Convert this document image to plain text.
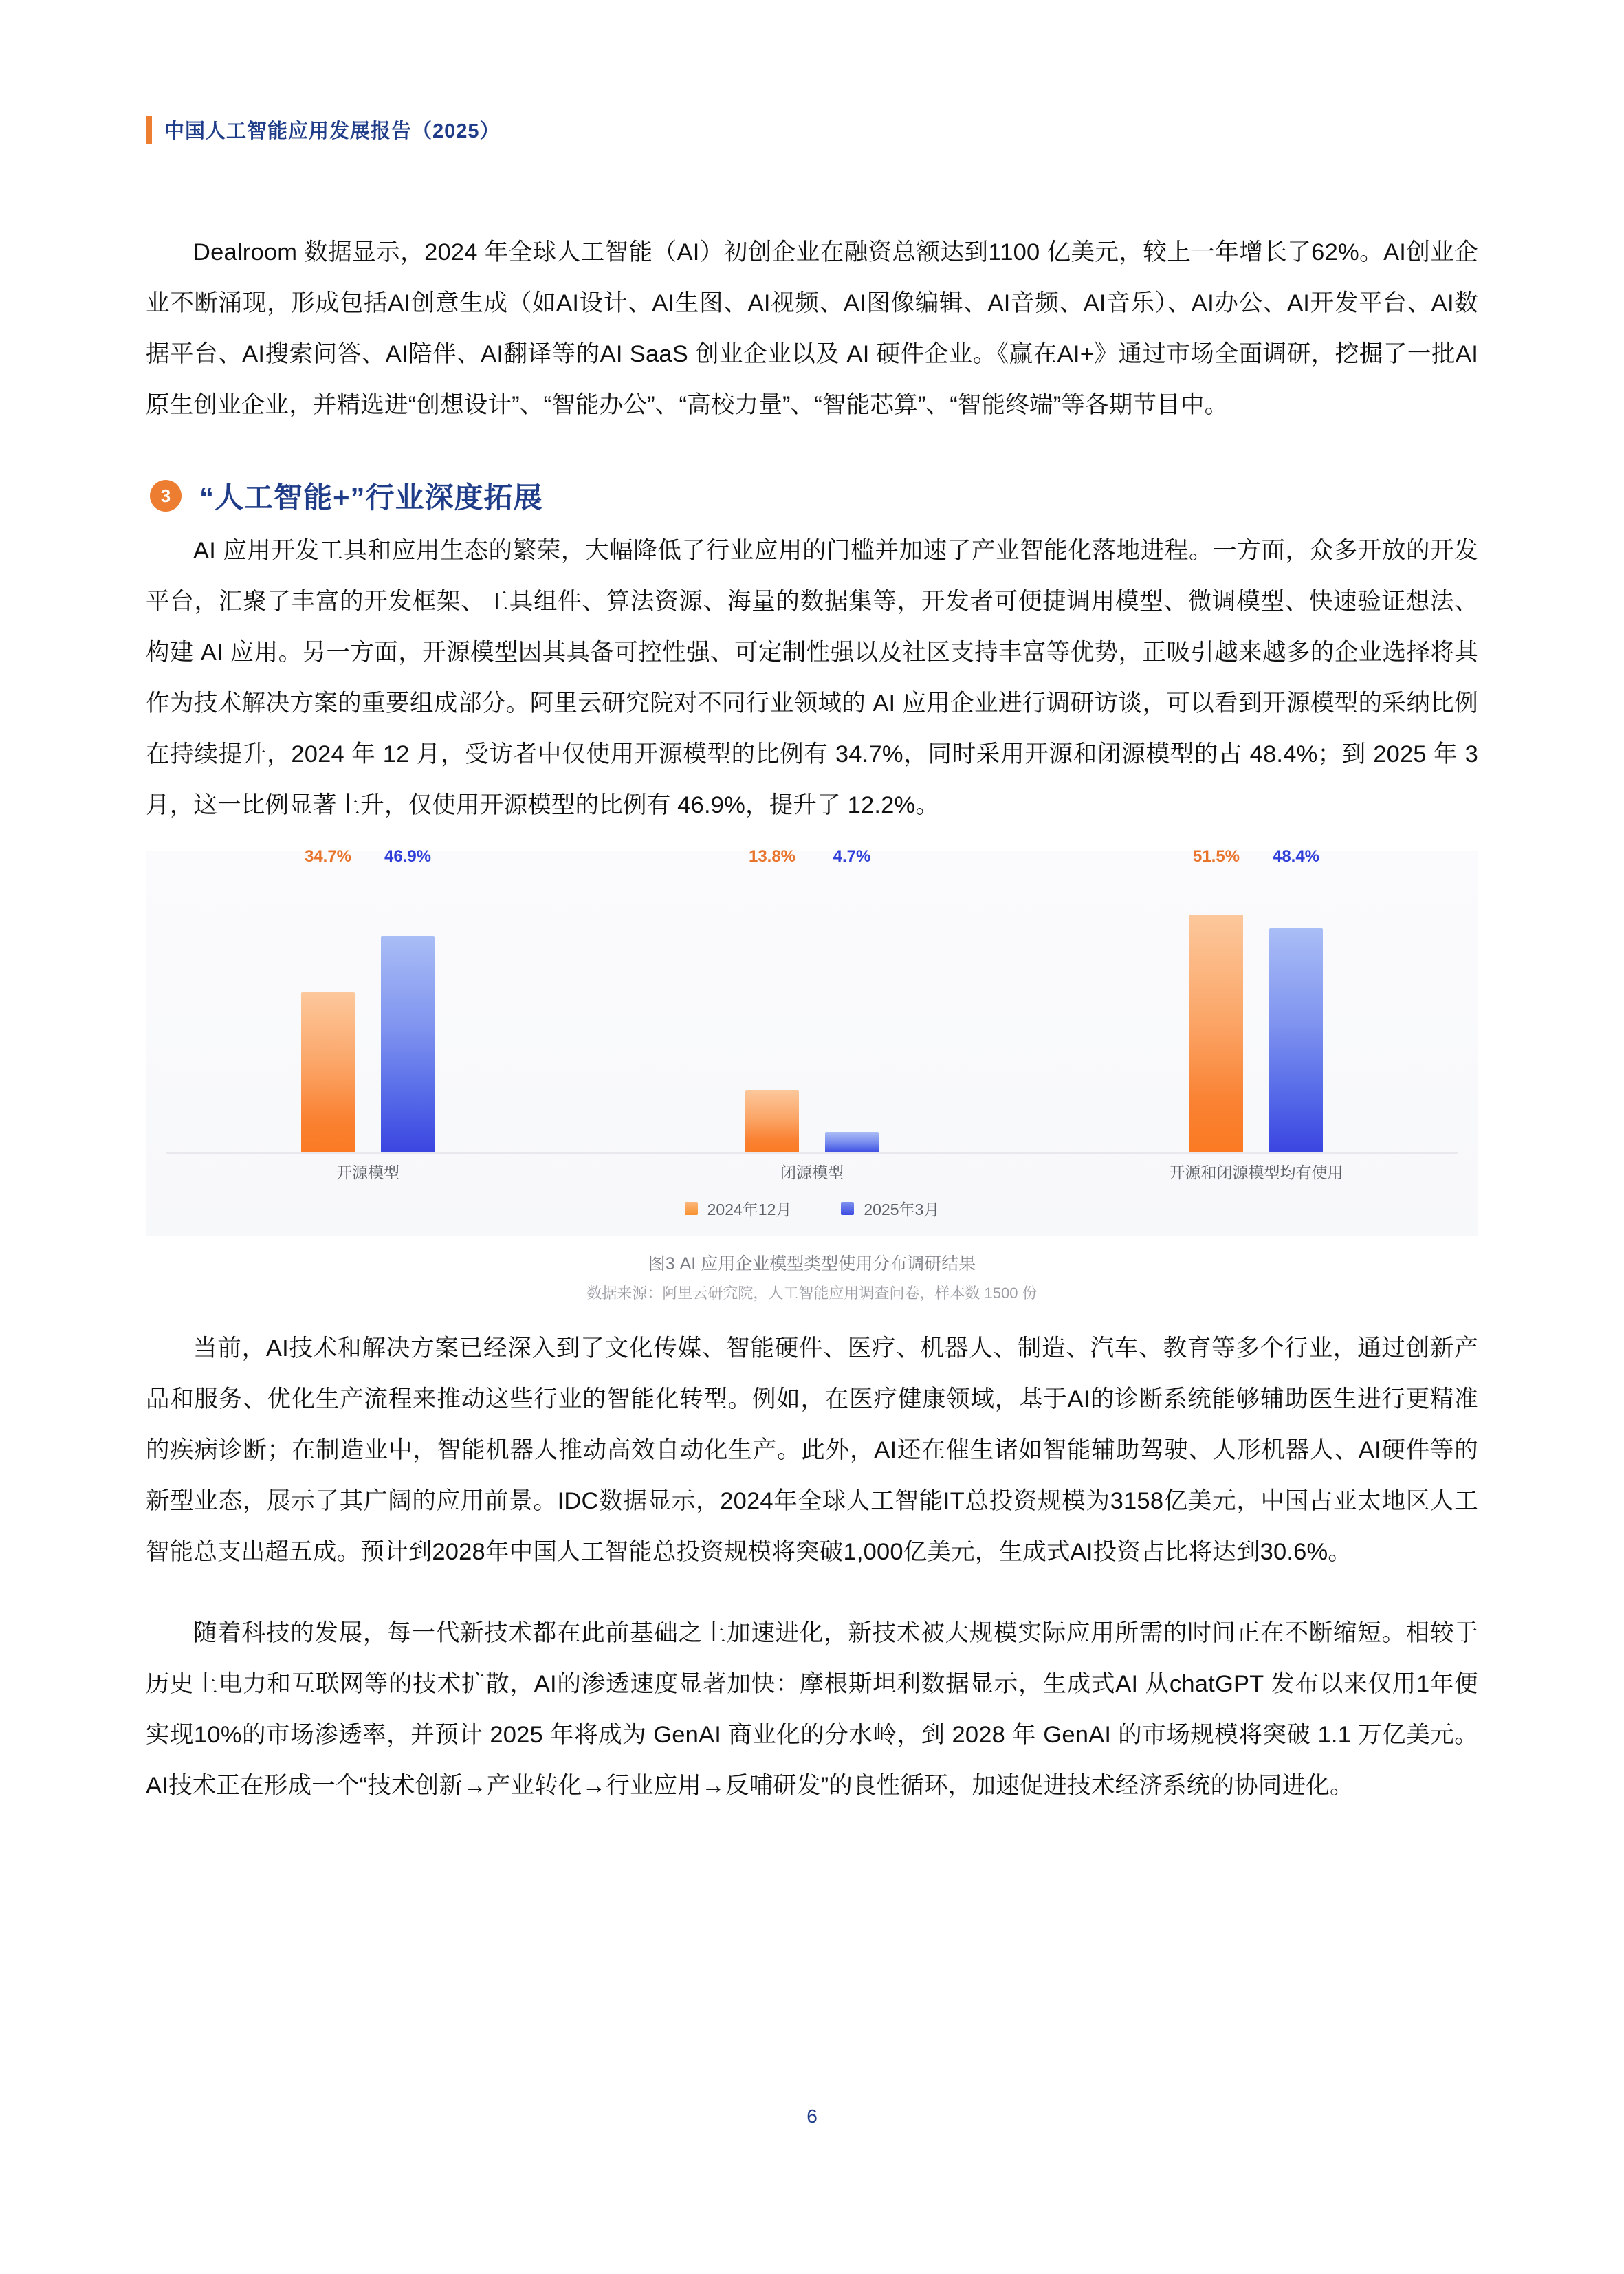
中国人工智能应用发展报告（2025）

Dealroom 数据显示，2024 年全球人工智能（AI）初创企业在融资总额达到1100 亿美元，较上一年增长了62%。AI创业企业不断涌现，形成包括AI创意生成（如AI设计、AI生图、AI视频、AI图像编辑、AI音频、AI音乐）、AI办公、AI开发平台、AI数据平台、AI搜索问答、AI陪伴、AI翻译等的AI SaaS 创业企业以及 AI 硬件企业。《赢在AI+》通过市场全面调研，挖掘了一批AI原生创业企业，并精选进“创想设计”、“智能办公”、“高校力量”、“智能芯算”、“智能终端”等各期节目中。

3 “人工智能+”行业深度拓展

AI 应用开发工具和应用生态的繁荣，大幅降低了行业应用的门槛并加速了产业智能化落地进程。一方面，众多开放的开发平台，汇聚了丰富的开发框架、工具组件、算法资源、海量的数据集等，开发者可便捷调用模型、微调模型、快速验证想法、构建 AI 应用。另一方面，开源模型因其具备可控性强、可定制性强以及社区支持丰富等优势，正吸引越来越多的企业选择将其作为技术解决方案的重要组成部分。阿里云研究院对不同行业领域的 AI 应用企业进行调研访谈，可以看到开源模型的采纳比例在持续提升，2024 年 12 月，受访者中仅使用开源模型的比例有 34.7%，同时采用开源和闭源模型的占 48.4%；到 2025 年 3 月，这一比例显著上升，仅使用开源模型的比例有 46.9%，提升了 12.2%。

34.7% 46.9%	13.8% 4.7%	51.5% 48.4%
开源模型	闭源模型	开源和闭源模型均有使用
2024年12月	2025年3月
图3 AI 应用企业模型类型使用分布调研结果
数据来源：阿里云研究院，人工智能应用调查问卷，样本数 1500 份

当前，AI技术和解决方案已经深入到了文化传媒、智能硬件、医疗、机器人、制造、汽车、教育等多个行业，通过创新产品和服务、优化生产流程来推动这些行业的智能化转型。例如，在医疗健康领域，基于AI的诊断系统能够辅助医生进行更精准的疾病诊断；在制造业中，智能机器人推动高效自动化生产。此外，AI还在催生诸如智能辅助驾驶、人形机器人、AI硬件等的新型业态，展示了其广阔的应用前景。IDC数据显示，2024年全球人工智能IT总投资规模为3158亿美元，中国占亚太地区人工智能总支出超五成。预计到2028年中国人工智能总投资规模将突破1,000亿美元，生成式AI投资占比将达到30.6%。

随着科技的发展，每一代新技术都在此前基础之上加速进化，新技术被大规模实际应用所需的时间正在不断缩短。相较于历史上电力和互联网等的技术扩散，AI的渗透速度显著加快：摩根斯坦利数据显示，生成式AI 从chatGPT 发布以来仅用1年便实现10%的市场渗透率，并预计 2025 年将成为 GenAI 商业化的分水岭，到 2028 年 GenAI 的市场规模将突破 1.1 万亿美元。AI技术正在形成一个“技术创新→产业转化→行业应用→反哺研发”的良性循环，加速促进技术经济系统的协同进化。

6
